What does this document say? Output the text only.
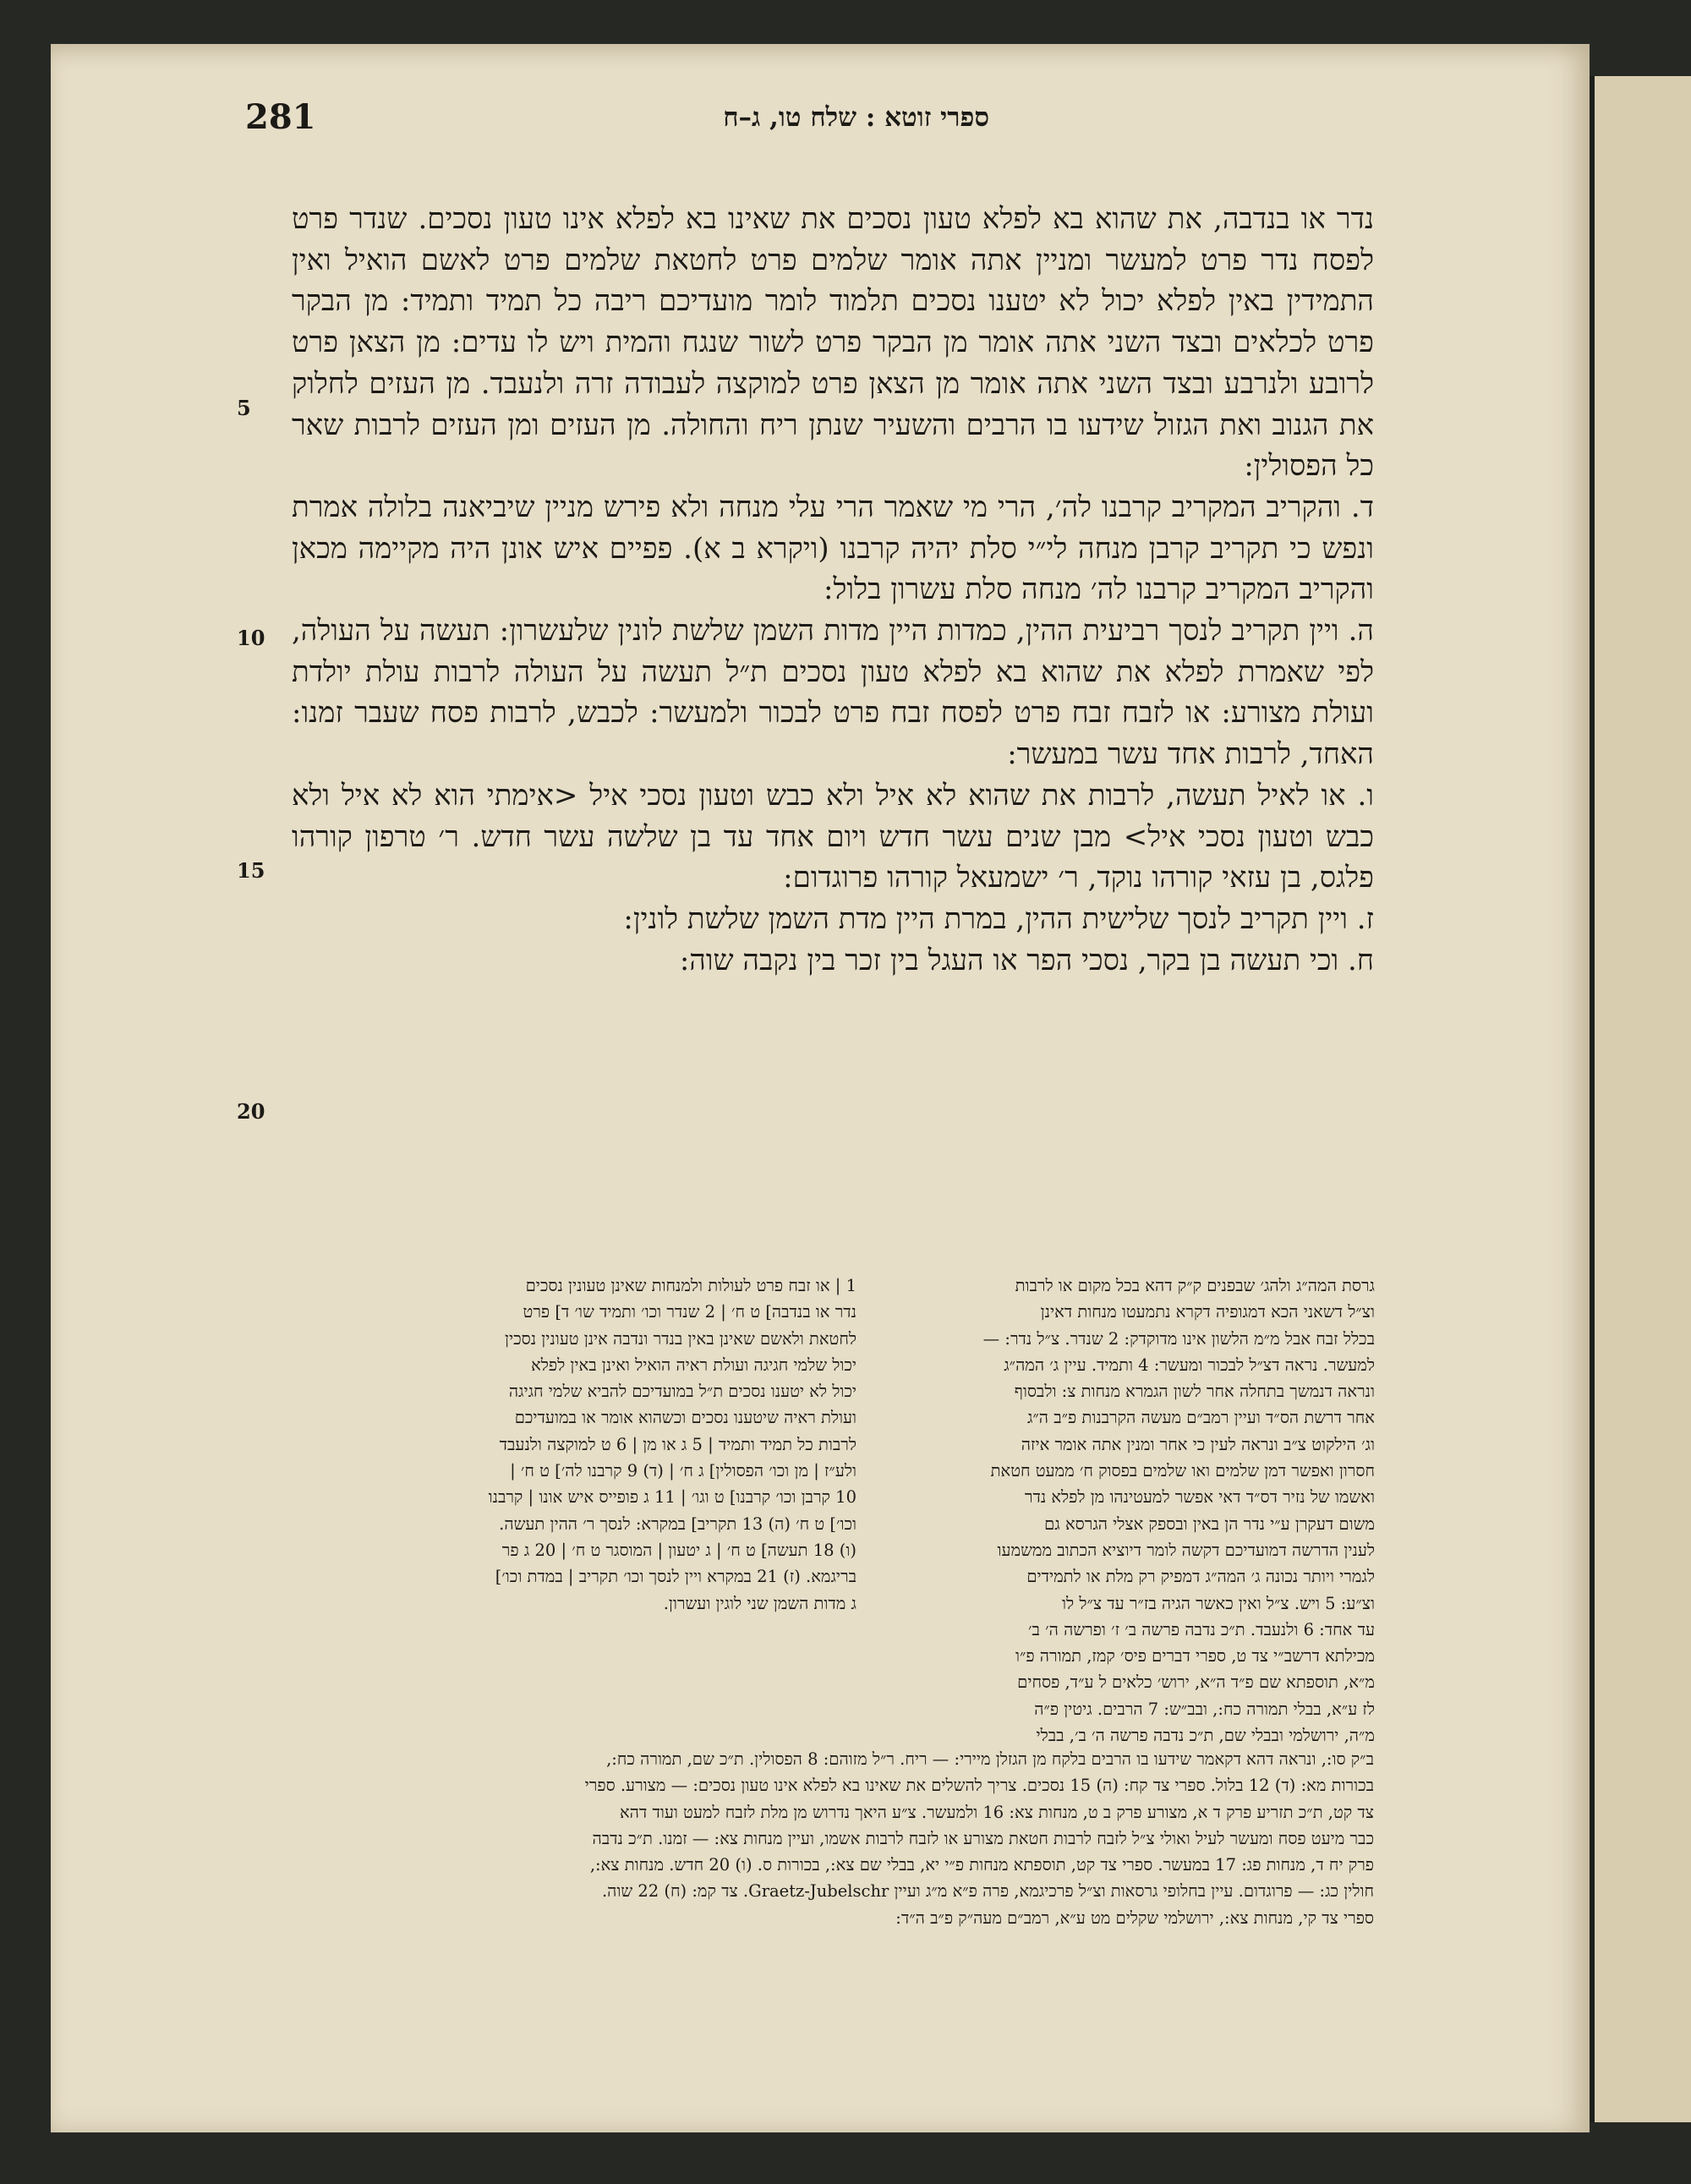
281	ספרי זוטא : שלח טו, ג–ח
5
10
15
20

נדר או בנדבה, את שהוא בא לפלא טעון נסכים את שאינו בא לפלא אינו טעון נסכים. שנדר פרט לפסח נדר פרט למעשר ומניין אתה אומר שלמים פרט לחטאת שלמים פרט לאשם הואיל ואין התמידין באין לפלא יכול לא יטענו נסכים תלמוד לומר מועדיכם ריבה כל תמיד ותמיד: מן הבקר פרט לכלאים ובצד השני אתה אומר מן הבקר פרט לשור שנגח והמית ויש לו עדים: מן הצאן פרט לרובע ולנרבע ובצד השני אתה אומר מן הצאן פרט למוקצה לעבודה זרה ולנעבד. מן העזים לחלוק את הגנוב ואת הגזול שידעו בו הרבים והשעיר שנתן ריח והחולה. מן העזים ומן העזים לרבות שאר כל הפסולין:

ד. והקריב המקריב קרבנו לה׳, הרי מי שאמר הרי עלי מנחה ולא פירש מניין שיביאנה בלולה אמרת ונפש כי תקריב קרבן מנחה לי״י סלת יהיה קרבנו (ויקרא ב א). פפיים איש אונן היה מקיימה מכאן והקריב המקריב קרבנו לה׳ מנחה סלת עשרון בלול:

ה. ויין תקריב לנסך רביעית ההין, כמדות היין מדות השמן שלשת לונין שלעשרון: תעשה על העולה, לפי שאמרת לפלא את שהוא בא לפלא טעון נסכים ת״ל תעשה על העולה לרבות עולת יולדת ועולת מצורע: או לזבח זבח פרט לפסח זבח פרט לבכור ולמעשר: לכבש, לרבות פסח שעבר זמנו: האחד, לרבות אחד עשר במעשר:

ו. או לאיל תעשה, לרבות את שהוא לא איל ולא כבש וטעון נסכי איל <אימתי הוא לא איל ולא כבש וטעון נסכי איל> מבן שנים עשר חדש ויום אחד עד בן שלשה עשר חדש. ר׳ טרפון קורהו פלגס, בן עזאי קורהו נוקד, ר׳ ישמעאל קורהו פרוגדום:

ז. ויין תקריב לנסך שלישית ההין, במרת היין מדת השמן שלשת לונין:

ח. וכי תעשה בן בקר, נסכי הפר או העגל בין זכר בין נקבה שוה:

1 | או זבח פרט לעולות ולמנחות שאינן טעונין נסכים
נדר או בנדבה] ט ח׳ | 2 שנדר וכו׳ ותמיד שו׳ ד] פרט
לחטאת ולאשם שאינן באין בנדר ונדבה אינן טעונין נסכין
יכול שלמי חגיגה ועולת ראיה הואיל ואינן באין לפלא
יכול לא יטענו נסכים ת״ל במועדיכם להביא שלמי חגיגה
ועולת ראיה שיטענו נסכים וכשהוא אומר או במועדיכם
לרבות כל תמיד ותמיד | 5 ג או מן | 6 ט למוקצה ולנעבד
ולע״ז | מן וכו׳ הפסולין] ג ח׳ | (ד) 9 קרבנו לה׳] ט ח׳ |
10 קרבן וכו׳ קרבנו] ט וגו׳ | 11 ג פופייס איש אונו | קרבנו
וכו׳] ט ח׳ (ה) 13 תקריב] במקרא: לנסך ר׳ ההין תעשה.
(ו) 18 תעשה] ט ח׳ | ג יטעון | המוסגר ט ח׳ | 20 ג פר
בריגמא. (ז) 21 במקרא ויין לנסך וכו׳ תקריב | במדת וכו׳]
ג מדות השמן שני לוגין ועשרון.
גרסת המה״ג ולהג׳ שבפנים ק״ק דהא בכל מקום או לרבות
וצ״ל דשאני הכא דמגופיה דקרא נתמעטו מנחות דאינן
בכלל זבח אבל מ״מ הלשון אינו מדוקדק: 2 שנדר. צ״ל נדר: —
למעשר. נראה דצ״ל לבכור ומעשר: 4 ותמיד. עיין ג׳ המה״ג
ונראה דנמשך בתחלה אחר לשון הגמרא מנחות צ: ולבסוף
אחר דרשת הס״ד ועיין רמב״ם מעשה הקרבנות פ״ב ה״ג
וג׳ הילקוט צ״ב ונראה לעין כי אחר ומנין אתה אומר איזה
חסרון ואפשר דמן שלמים ואו שלמים בפסוק ח׳ ממעט חטאת
ואשמו של נזיר דס״ד דאי אפשר למעטינהו מן לפלא נדר
משום דעקרן ע״י נדר הן באין ובספק אצלי הגרסא גם
לענין הדרשה דמועדיכם דקשה לומר דיוציא הכתוב ממשמעו
לגמרי ויותר נכונה ג׳ המה״ג דמפיק רק מלת או לתמידים
וצ״ע: 5 ויש. צ״ל ואין כאשר הגיה בז״ר עד צ״ל לו
עד אחד: 6 ולנעבד. ת״כ נדבה פרשה ב׳ ז׳ ופרשה ה׳ ב׳
מכילתא דרשב״י צד ט, ספרי דברים פיס׳ קמז, תמורה פ״ו
מ״א, תוספתא שם פ״ד ה״א, ירוש׳ כלאים ל ע״ד, פסחים
לז ע״א, בבלי תמורה כח:, ובב״ש: 7 הרבים. גיטין פ״ה
מ״ה, ירושלמי ובבלי שם, ת״כ נדבה פרשה ה׳ ב׳, בבלי
ב״ק סו:, ונראה דהא דקאמר שידעו בו הרבים בלקח מן הגזלן מיירי: — ריח. ר״ל מזוהם: 8 הפסולין. ת״כ שם, תמורה כח:,
בכורות מא: (ד) 12 בלול. ספרי צד קח: (ה) 15 נסכים. צריך להשלים את שאינו בא לפלא אינו טעון נסכים: — מצורע. ספרי
צד קט, ת״כ תזריע פרק ד א, מצורע פרק ב ט, מנחות צא: 16 ולמעשר. צ״ע היאך נדרוש מן מלת לזבח למעט ועוד דהא
כבר מיעט פסח ומעשר לעיל ואולי צ״ל לזבח לרבות חטאת מצורע או לזבח לרבות אשמו, ועיין מנחות צא: — זמנו. ת״כ נדבה
פרק יח ד, מנחות פג: 17 במעשר. ספרי צד קט, תוספתא מנחות פ״י יא, בבלי שם צא:, בכורות ס. (ו) 20 חדש. מנחות צא:,
חולין כג: — פרוגדום. עיין בחלופי גרסאות וצ״ל פרכיגמא, פרה פ״א מ״ג ועיין Graetz-Jubelschr. צד קמ: (ח) 22 שוה.
ספרי צד קי, מנחות צא:, ירושלמי שקלים מט ע״א, רמב״ם מעה״ק פ״ב ה״ד:
